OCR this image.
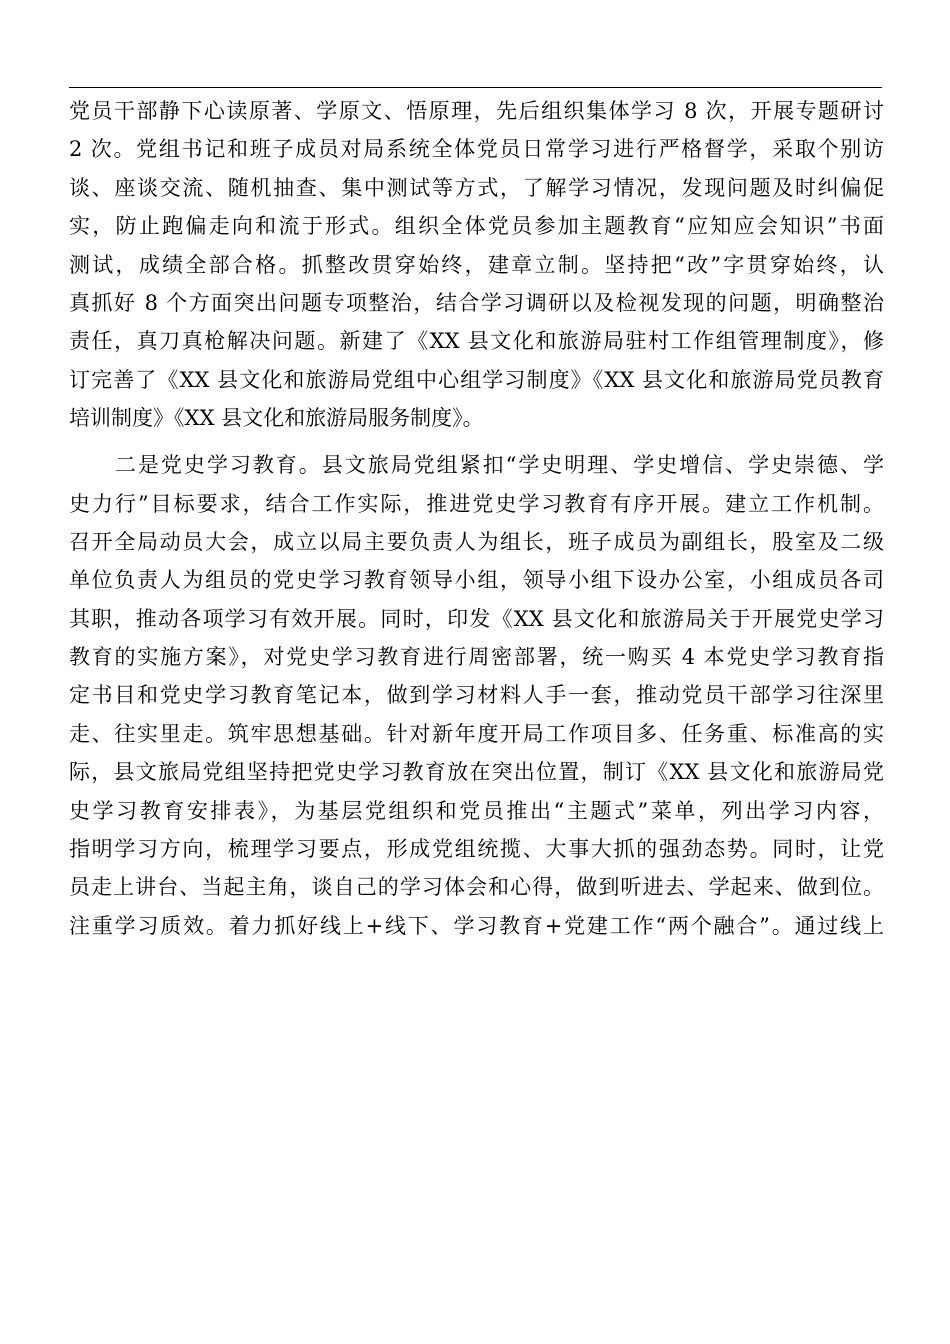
党员干部静下心读原著、学原文、悟原理，先后组织集体学习 8 次，开展专题研讨
2 次。党组书记和班子成员对局系统全体党员日常学习进行严格督学，采取个别访
谈、座谈交流、随机抽查、集中测试等方式，了解学习情况，发现问题及时纠偏促
实，防止跑偏走向和流于形式。组织全体党员参加主题教育“应知应会知识”书面
测试，成绩全部合格。抓整改贯穿始终，建章立制。坚持把“改”字贯穿始终，认
真抓好 8 个方面突出问题专项整治，结合学习调研以及检视发现的问题，明确整治
责任，真刀真枪解决问题。新建了《XX 县文化和旅游局驻村工作组管理制度》，修
订完善了《XX 县文化和旅游局党组中心组学习制度》《XX 县文化和旅游局党员教育
培训制度》《XX 县文化和旅游局服务制度》。
　　二是党史学习教育。县文旅局党组紧扣“学史明理、学史增信、学史崇德、学
史力行”目标要求，结合工作实际，推进党史学习教育有序开展。建立工作机制。
召开全局动员大会，成立以局主要负责人为组长，班子成员为副组长，股室及二级
单位负责人为组员的党史学习教育领导小组，领导小组下设办公室，小组成员各司
其职，推动各项学习有效开展。同时，印发《XX 县文化和旅游局关于开展党史学习
教育的实施方案》，对党史学习教育进行周密部署，统一购买 4 本党史学习教育指
定书目和党史学习教育笔记本，做到学习材料人手一套，推动党员干部学习往深里
走、往实里走。筑牢思想基础。针对新年度开局工作项目多、任务重、标准高的实
际，县文旅局党组坚持把党史学习教育放在突出位置，制订《XX 县文化和旅游局党
史学习教育安排表》，为基层党组织和党员推出“主题式”菜单，列出学习内容，
指明学习方向，梳理学习要点，形成党组统揽、大事大抓的强劲态势。同时，让党
员走上讲台、当起主角，谈自己的学习体会和心得，做到听进去、学起来、做到位。
注重学习质效。着力抓好线上+线下、学习教育+党建工作“两个融合”。通过线上
